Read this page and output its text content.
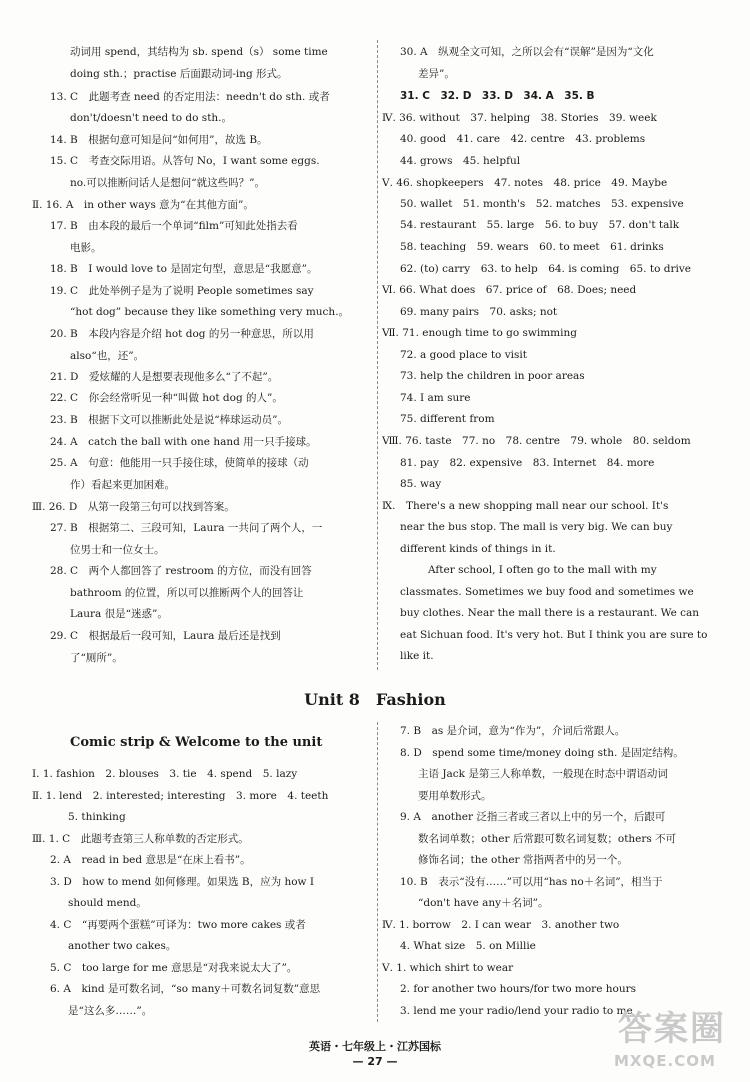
动词用 spend，其结构为 sb. spend（s） some time
doing sth.；practise 后面跟动词-ing 形式。
13. C　此题考查 need 的否定用法：needn't do sth. 或者
don't/doesn't need to do sth.。
14. B　根据句意可知是问“如何用”，故选 B。
15. C　考查交际用语。从答句 No，I want some eggs.
no.可以推断问话人是想问“就这些吗？”。
Ⅱ. 16. A　in other ways 意为“在其他方面”。
17. B　由本段的最后一个单词“film”可知此处指去看
电影。
18. B　I would love to 是固定句型，意思是“我愿意”。
19. C　此处举例子是为了说明 People sometimes say
“hot dog” because they like something very much.。
20. B　本段内容是介绍 hot dog 的另一种意思，所以用
also“也，还”。
21. D　爱炫耀的人是想要表现他多么“了不起”。
22. C　你会经常听见一种“叫做 hot dog 的人”。
23. B　根据下文可以推断此处是说“棒球运动员”。
24. A　catch the ball with one hand 用一只手接球。
25. A　句意：他能用一只手接住球，使简单的接球（动
作）看起来更加困难。
Ⅲ. 26. D　从第一段第三句可以找到答案。
27. B　根据第二、三段可知，Laura 一共问了两个人，一
位男士和一位女士。
28. C　两个人都回答了 restroom 的方位，而没有回答
bathroom 的位置，所以可以推断两个人的回答让
Laura 很是“迷惑”。
29. C　根据最后一段可知，Laura 最后还是找到
了“厕所”。
30. A　纵观全文可知，之所以会有“误解”是因为“文化
差异”。
31. C　32. D　33. D　34. A　35. B
Ⅳ. 36. without　37. helping　38. Stories　39. week
40. good　41. care　42. centre　43. problems
44. grows　45. helpful
Ⅴ. 46. shopkeepers　47. notes　48. price　49. Maybe
50. wallet　51. month's　52. matches　53. expensive
54. restaurant　55. large　56. to buy　57. don't talk
58. teaching　59. wears　60. to meet　61. drinks
62. (to) carry　63. to help　64. is coming　65. to drive
Ⅵ. 66. What does　67. price of　68. Does; need
69. many pairs　70. asks; not
Ⅶ. 71. enough time to go swimming
72. a good place to visit
73. help the children in poor areas
74. I am sure
75. different from
Ⅷ. 76. taste　77. no　78. centre　79. whole　80. seldom
81. pay　82. expensive　83. Internet　84. more
85. way
Ⅸ.　There's a new shopping mall near our school. It's
near the bus stop. The mall is very big. We can buy
different kinds of things in it.
After school, I often go to the mall with my
classmates. Sometimes we buy food and sometimes we
buy clothes. Near the mall there is a restaurant. We can
eat Sichuan food. It's very hot. But I think you are sure to
like it.
Unit 8　Fashion
Comic strip & Welcome to the unit
Ⅰ. 1. fashion　2. blouses　3. tie　4. spend　5. lazy
Ⅱ. 1. lend　2. interested; interesting　3. more　4. teeth
5. thinking
Ⅲ. 1. C　此题考查第三人称单数的否定形式。
2. A　read in bed 意思是“在床上看书”。
3. D　how to mend 如何修理。如果选 B，应为 how I
should mend。
4. C　“再要两个蛋糕”可译为：two more cakes 或者
another two cakes。
5. C　too large for me 意思是“对我来说太大了”。
6. A　kind 是可数名词，“so many＋可数名词复数”意思
是“这么多……”。
7. B　as 是介词，意为“作为”，介词后常跟人。
8. D　spend some time/money doing sth. 是固定结构。
主语 Jack 是第三人称单数，一般现在时态中谓语动词
要用单数形式。
9. A　another 泛指三者或三者以上中的另一个，后跟可
数名词单数；other 后常跟可数名词复数；others 不可
修饰名词；the other 常指两者中的另一个。
10. B　表示“没有……”可以用“has no＋名词”，相当于
“don't have any＋名词”。
Ⅳ. 1. borrow　2. I can wear　3. another two
4. What size　5. on Millie
Ⅴ. 1. which shirt to wear
2. for another two hours/for two more hours
3. lend me your radio/lend your radio to me
英语・七年级上・江苏国标
— 27 —
答案圈
MXQE.COM
